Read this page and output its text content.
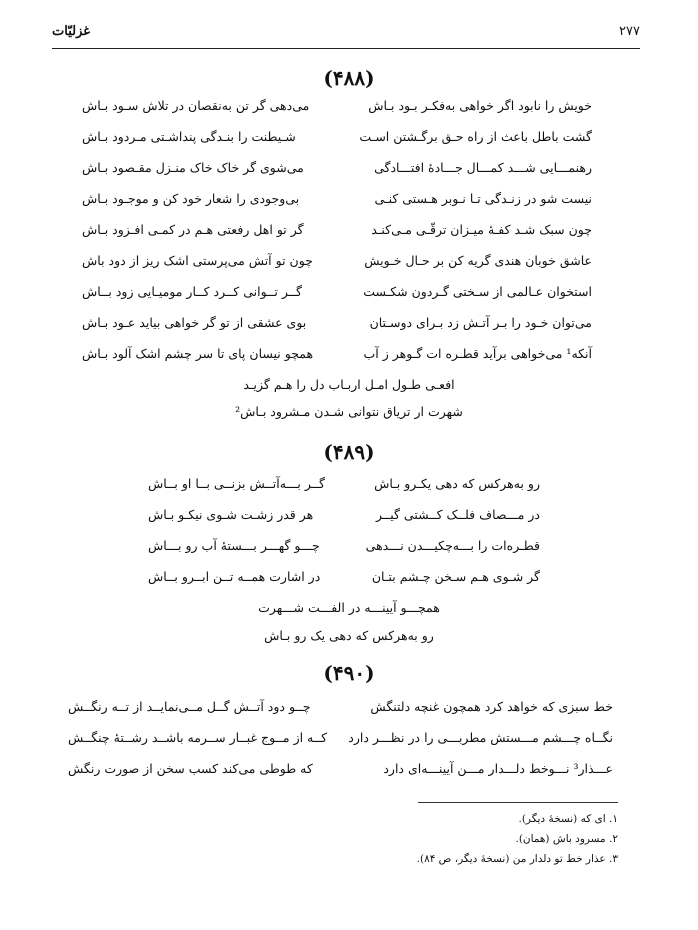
۲۷۷
غزلیّات
(۴۸۸)
خویش را نابود اگر خواهی به‌فکـر بـود بـاش
می‌دهی گر تن به‌نقصان در تلاش سـود بـاش
گشت باطل باعث از راه حـق برگـشتن اسـت
شـیطنت را بنـدگی پنداشـتی مـردود بـاش
رهنمـــایی شـــد کمـــال جـــادهٔ افتـــادگی
می‌شوی گر خاک خاک منـزل مقـصود بـاش
نیست شو در زنـدگی تـا نـوبر هـستی کنـی
بی‌وجودی را شعار خود کن و موجـود بـاش
چون سبک شـد کفـهٔ میـزان ترقّـی مـی‌کنـد
گر تو اهل رفعتی هـم در کمـی افـزود بـاش
عاشق خوبان هندی گریه کن بر حـال خـویش
چون تو آتش می‌پرستی اشک ریز از دود باش
استخوان عـالمی از سـختی گـردون شکـست
گــر تــوانی کــرد کــار مومیـایی زود بــاش
می‌توان خـود را بـر آتـش زد بـرای دوسـتان
بوی عشقی از تو گر خواهی بیاید عـود بـاش
آنکه¹ می‌خواهی برآید قطـره ات گـوهر ز آب
همچو نیسان پای تا سر چشم اشک آلود بـاش
افعـی طـول امـل اربـاب دل را هـم گزیـد
شهرت ار تریاق نتوانی شـدن مـشرود بـاش²
(۴۸۹)
رو به‌هرکس که دهی یکـرو بـاش
گــر بـــه‌آتــش بزنــی بــا او بــاش
در مـــصاف فلــک کــشتی گیــر
هر قدر زشـت شـوی نیکـو بـاش
قطـره‌ات را بـــه‌چکیـــدن نـــدهی
چـــو گهـــر بـــستهٔ آب رو بـــاش
گر شـوی هـم سـخن چـشم بتـان
در اشارت همــه تــن ابــرو بــاش
همچـــو آیینـــه در الفـــت شـــهرت
رو به‌هرکس که دهی یک رو بـاش
(۴۹۰)
خط سبزی که خواهد کرد همچون غنچه دلتنگش
چــو دود آتــش گــل مــی‌نمایــد از تــه رنگــش
نگــاه چـــشم مـــستش مطربـــی را در نظـــر دارد
کــه از مــوج غبــار ســرمه باشــد رشــتهٔ چنگــش
عـــذار³ نـــوخط دلـــدار مـــن آیینـــه‌ای دارد
که طوطی می‌کند کسب سخن از صورت رنگش
۱. ای که (نسخهٔ دیگر).
۲. مسرود باش (همان).
۳. عذار خط تو دلدار من (نسخهٔ دیگر، ص ۸۴).
